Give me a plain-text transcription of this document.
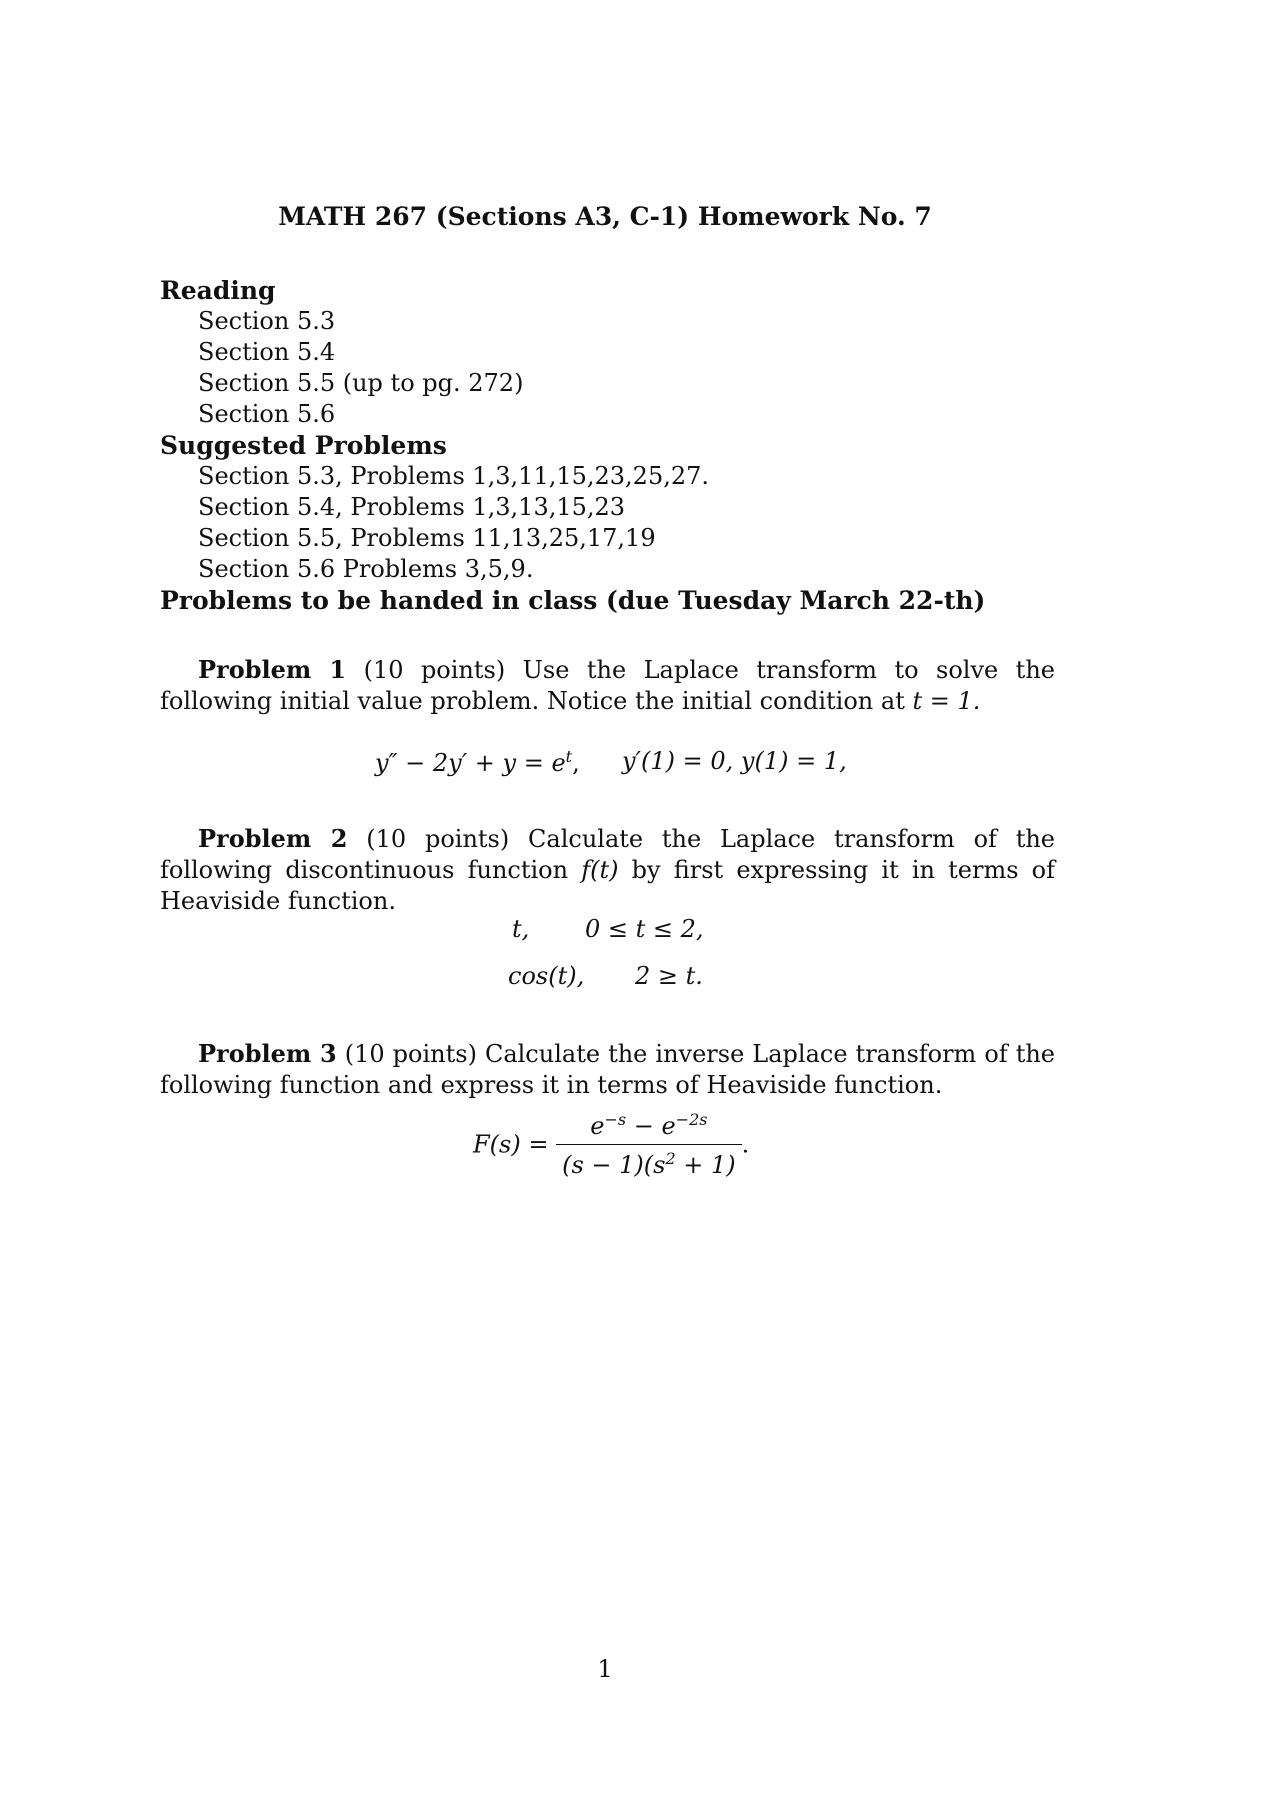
MATH 267 (Sections A3, C-1) Homework No. 7
Reading
Section 5.3
Section 5.4
Section 5.5 (up to pg. 272)
Section 5.6
Suggested Problems
Section 5.3, Problems 1,3,11,15,23,25,27.
Section 5.4, Problems 1,3,13,15,23
Section 5.5, Problems 11,13,25,17,19
Section 5.6 Problems 3,5,9.
Problems to be handed in class (due Tuesday March 22-th)
Problem 1 (10 points) Use the Laplace transform to solve the following initial value problem. Notice the initial condition at t = 1.
$y'' - 2y' + y = e^t$, y′(1) = 0, y(1) = 1,
Problem 2 (10 points) Calculate the Laplace transform of the following discontinuous function f(t) by first expressing it in terms of Heaviside function.
t, 0 ≤ t ≤ 2,
cos(t), 2 ≥ t.
Problem 3 (10 points) Calculate the inverse Laplace transform of the following function and express it in terms of Heaviside function.
$F(s) = \frac{e^{-s} - e^{-2s}}{(s - 1)(s^2 + 1)}$ .
1
